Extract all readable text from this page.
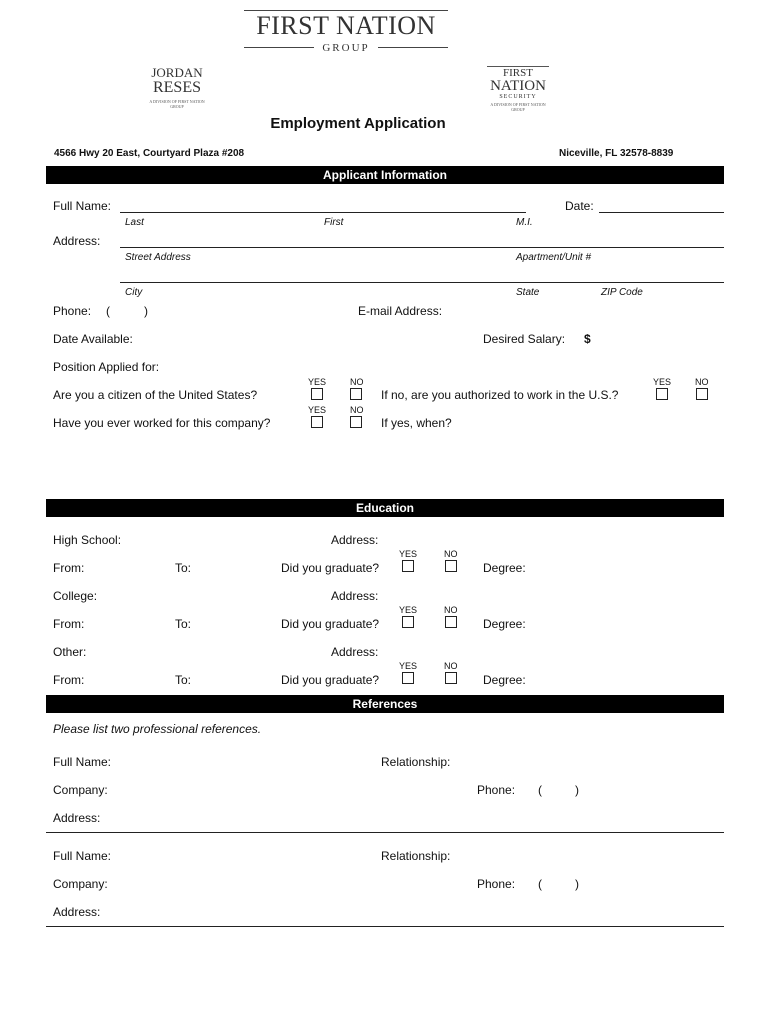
FIRST NATION
GROUP
JORDAN
RESES
A DIVISION OF FIRST NATION GROUP
FIRST
NATION
SECURITY
A DIVISION OF FIRST NATION GROUP
Employment Application
4566 Hwy 20 East, Courtyard Plaza #208	Niceville, FL 32578-8839
Applicant Information
Full Name:	Date:
Last	First	M.I.
Address:
Street Address	Apartment/Unit #
City	State	ZIP Code
Phone: (	)	E-mail Address:
Date Available:	Desired Salary: $
Position Applied for:
YES	NO
Are you a citizen of the United States?	If no, are you authorized to work in the U.S.?
YES	NO
YES	NO
Have you ever worked for this company?	If yes, when?
Education
High School:	Address:
YES	NO
From:	To:	Did you graduate?	Degree:
College:	Address:
YES	NO
From:	To:	Did you graduate?	Degree:
Other:	Address:
YES	NO
From:	To:	Did you graduate?	Degree:
References
Please list two professional references.
Full Name:	Relationship:
Company:	Phone: (	)
Address:
Full Name:	Relationship:
Company:	Phone: (	)
Address:
